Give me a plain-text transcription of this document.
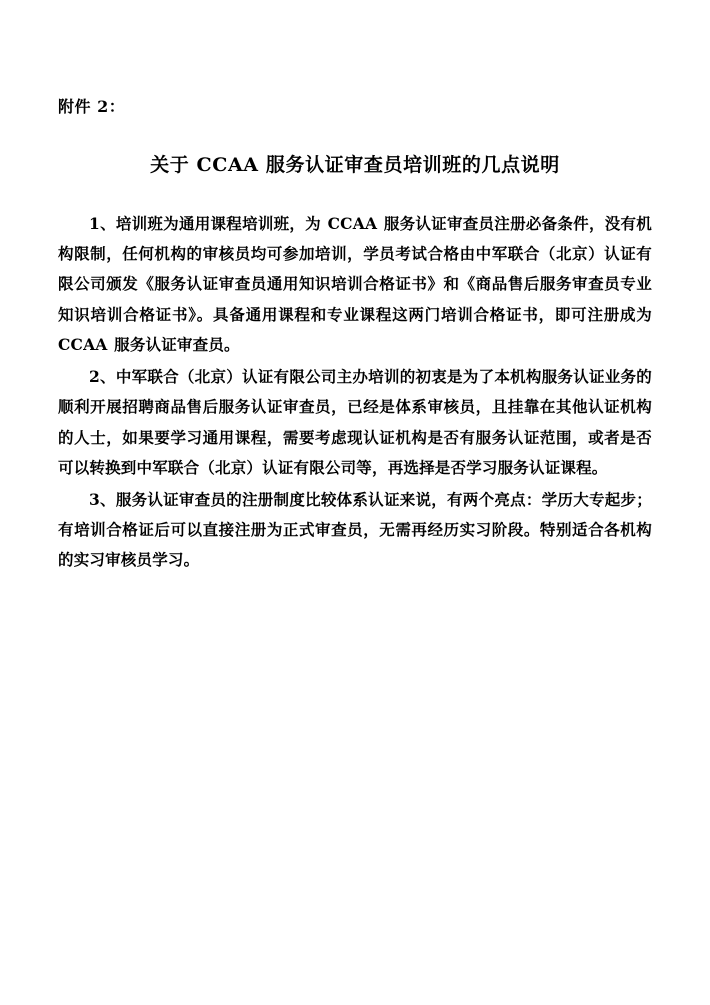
附件 2：
关于 CCAA 服务认证审查员培训班的几点说明

1、培训班为通用课程培训班，为 CCAA 服务认证审查员注册必备条件，没有机构限制，任何机构的审核员均可参加培训，学员考试合格由中军联合（北京）认证有限公司颁发《服务认证审查员通用知识培训合格证书》和《商品售后服务审查员专业知识培训合格证书》。具备通用课程和专业课程这两门培训合格证书，即可注册成为 CCAA 服务认证审查员。

2、中军联合（北京）认证有限公司主办培训的初衷是为了本机构服务认证业务的顺利开展招聘商品售后服务认证审查员，已经是体系审核员，且挂靠在其他认证机构的人士，如果要学习通用课程，需要考虑现认证机构是否有服务认证范围，或者是否可以转换到中军联合（北京）认证有限公司等，再选择是否学习服务认证课程。

3、服务认证审查员的注册制度比较体系认证来说，有两个亮点：学历大专起步；有培训合格证后可以直接注册为正式审查员，无需再经历实习阶段。特别适合各机构的实习审核员学习。
